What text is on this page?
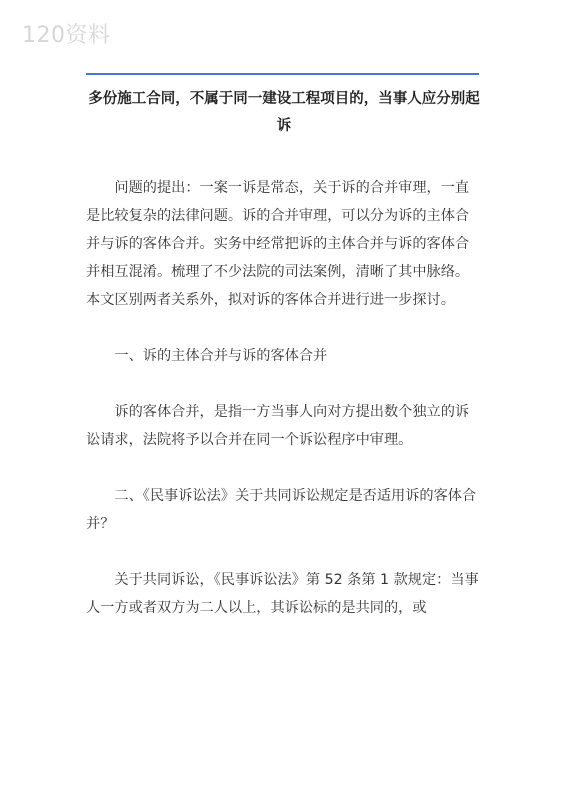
120资料
多份施工合同，不属于同一建设工程项目的，当事人应分别起诉

问题的提出：一案一诉是常态，关于诉的合并审理，一直是比较复杂的法律问题。诉的合并审理，可以分为诉的主体合并与诉的客体合并。实务中经常把诉的主体合并与诉的客体合并相互混淆。梳理了不少法院的司法案例，清晰了其中脉络。本文区别两者关系外，拟对诉的客体合并进行进一步探讨。

一、诉的主体合并与诉的客体合并

诉的客体合并，是指一方当事人向对方提出数个独立的诉讼请求，法院将予以合并在同一个诉讼程序中审理。

二、《民事诉讼法》关于共同诉讼规定是否适用诉的客体合并？

关于共同诉讼，《民事诉讼法》第 52 条第 1 款规定：当事人一方或者双方为二人以上，其诉讼标的是共同的，或
